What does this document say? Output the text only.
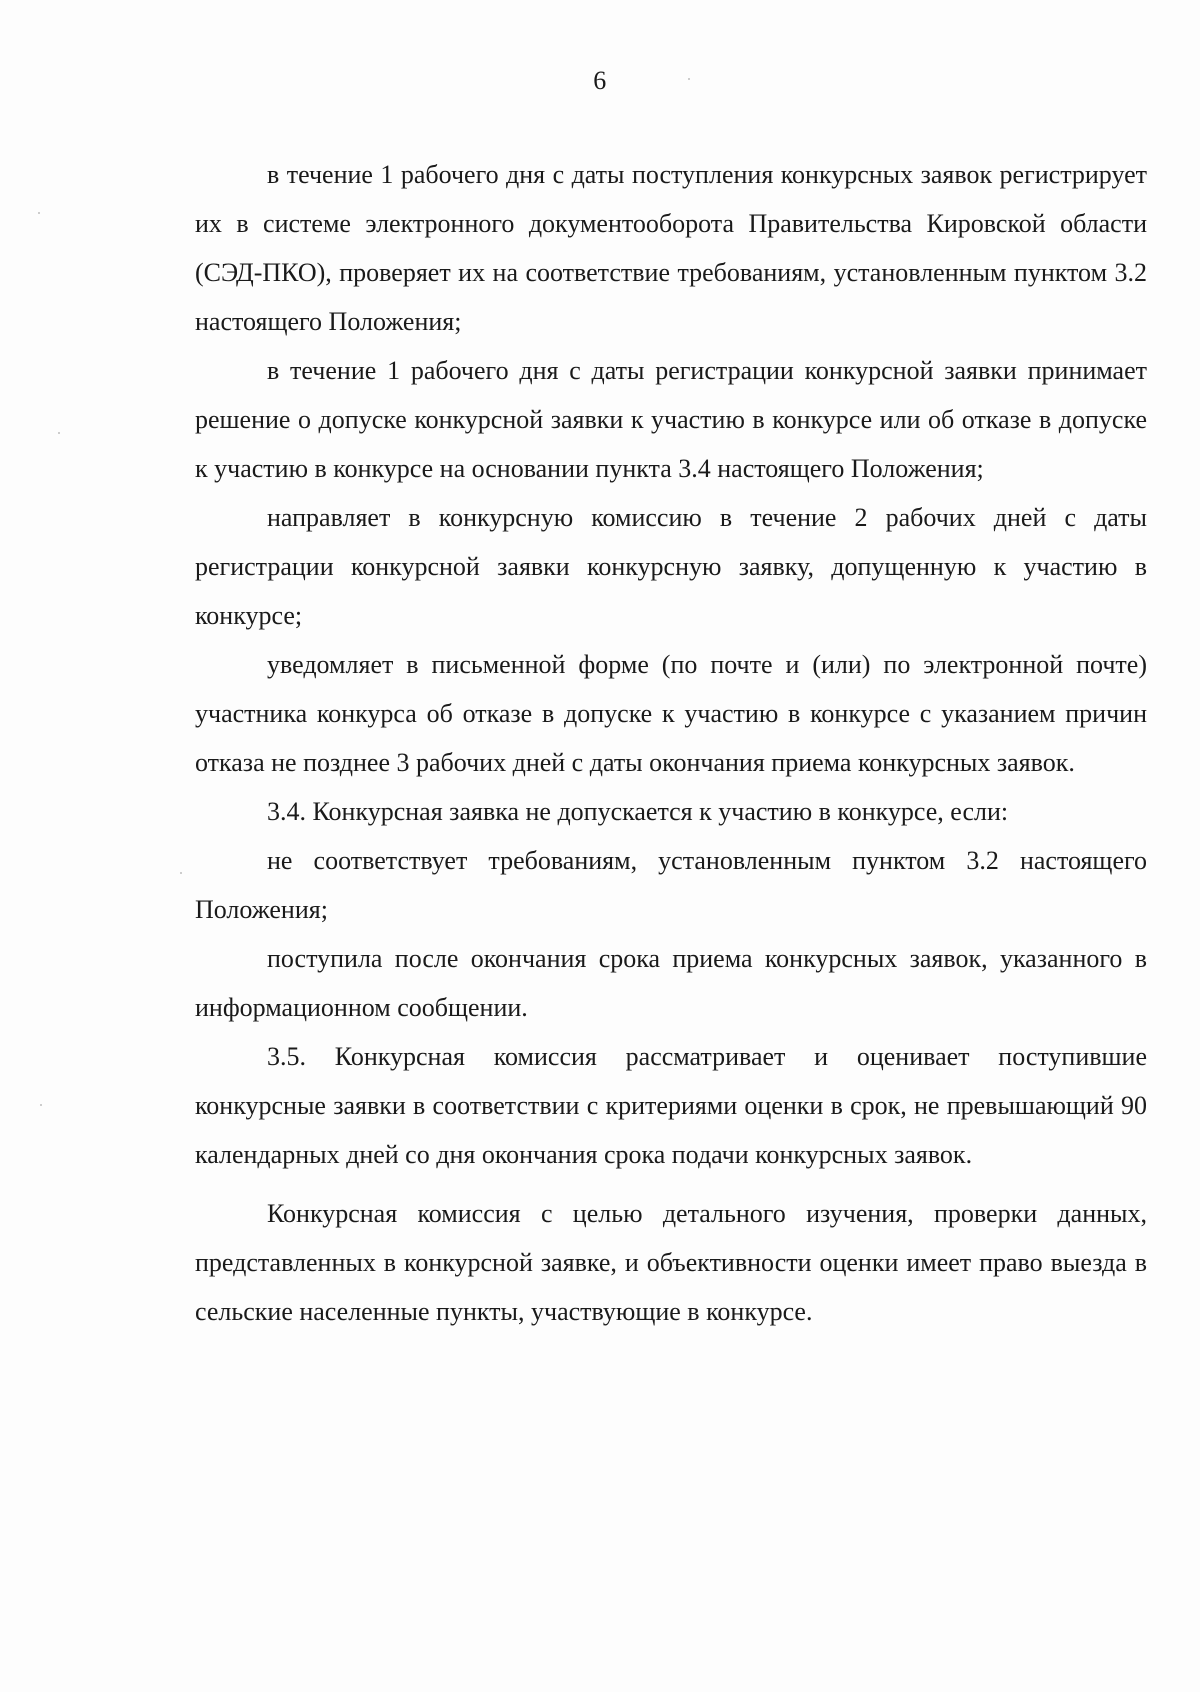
6

в течение 1 рабочего дня с даты поступления конкурсных заявок регистрирует их в системе электронного документооборота Правительства Кировской области (СЭД-ПКО), проверяет их на соответствие требованиям, установленным пунктом 3.2 настоящего Положения;

в течение 1 рабочего дня с даты регистрации конкурсной заявки принимает решение о допуске конкурсной заявки к участию в конкурсе или об отказе в допуске к участию в конкурсе на основании пункта 3.4 настоящего Положения;

направляет в конкурсную комиссию в течение 2 рабочих дней с даты регистрации конкурсной заявки конкурсную заявку, допущенную к участию в конкурсе;

уведомляет в письменной форме (по почте и (или) по электронной почте) участника конкурса об отказе в допуске к участию в конкурсе с указанием причин отказа не позднее 3 рабочих дней с даты окончания приема конкурсных заявок.

3.4. Конкурсная заявка не допускается к участию в конкурсе, если:

не соответствует требованиям, установленным пунктом 3.2 настоящего Положения;

поступила после окончания срока приема конкурсных заявок, указанного в информационном сообщении.

3.5. Конкурсная комиссия рассматривает и оценивает поступившие конкурсные заявки в соответствии с критериями оценки в срок, не превышающий 90 календарных дней со дня окончания срока подачи конкурсных заявок.

Конкурсная комиссия с целью детального изучения, проверки данных, представленных в конкурсной заявке, и объективности оценки имеет право выезда в сельские населенные пункты, участвующие в конкурсе.
